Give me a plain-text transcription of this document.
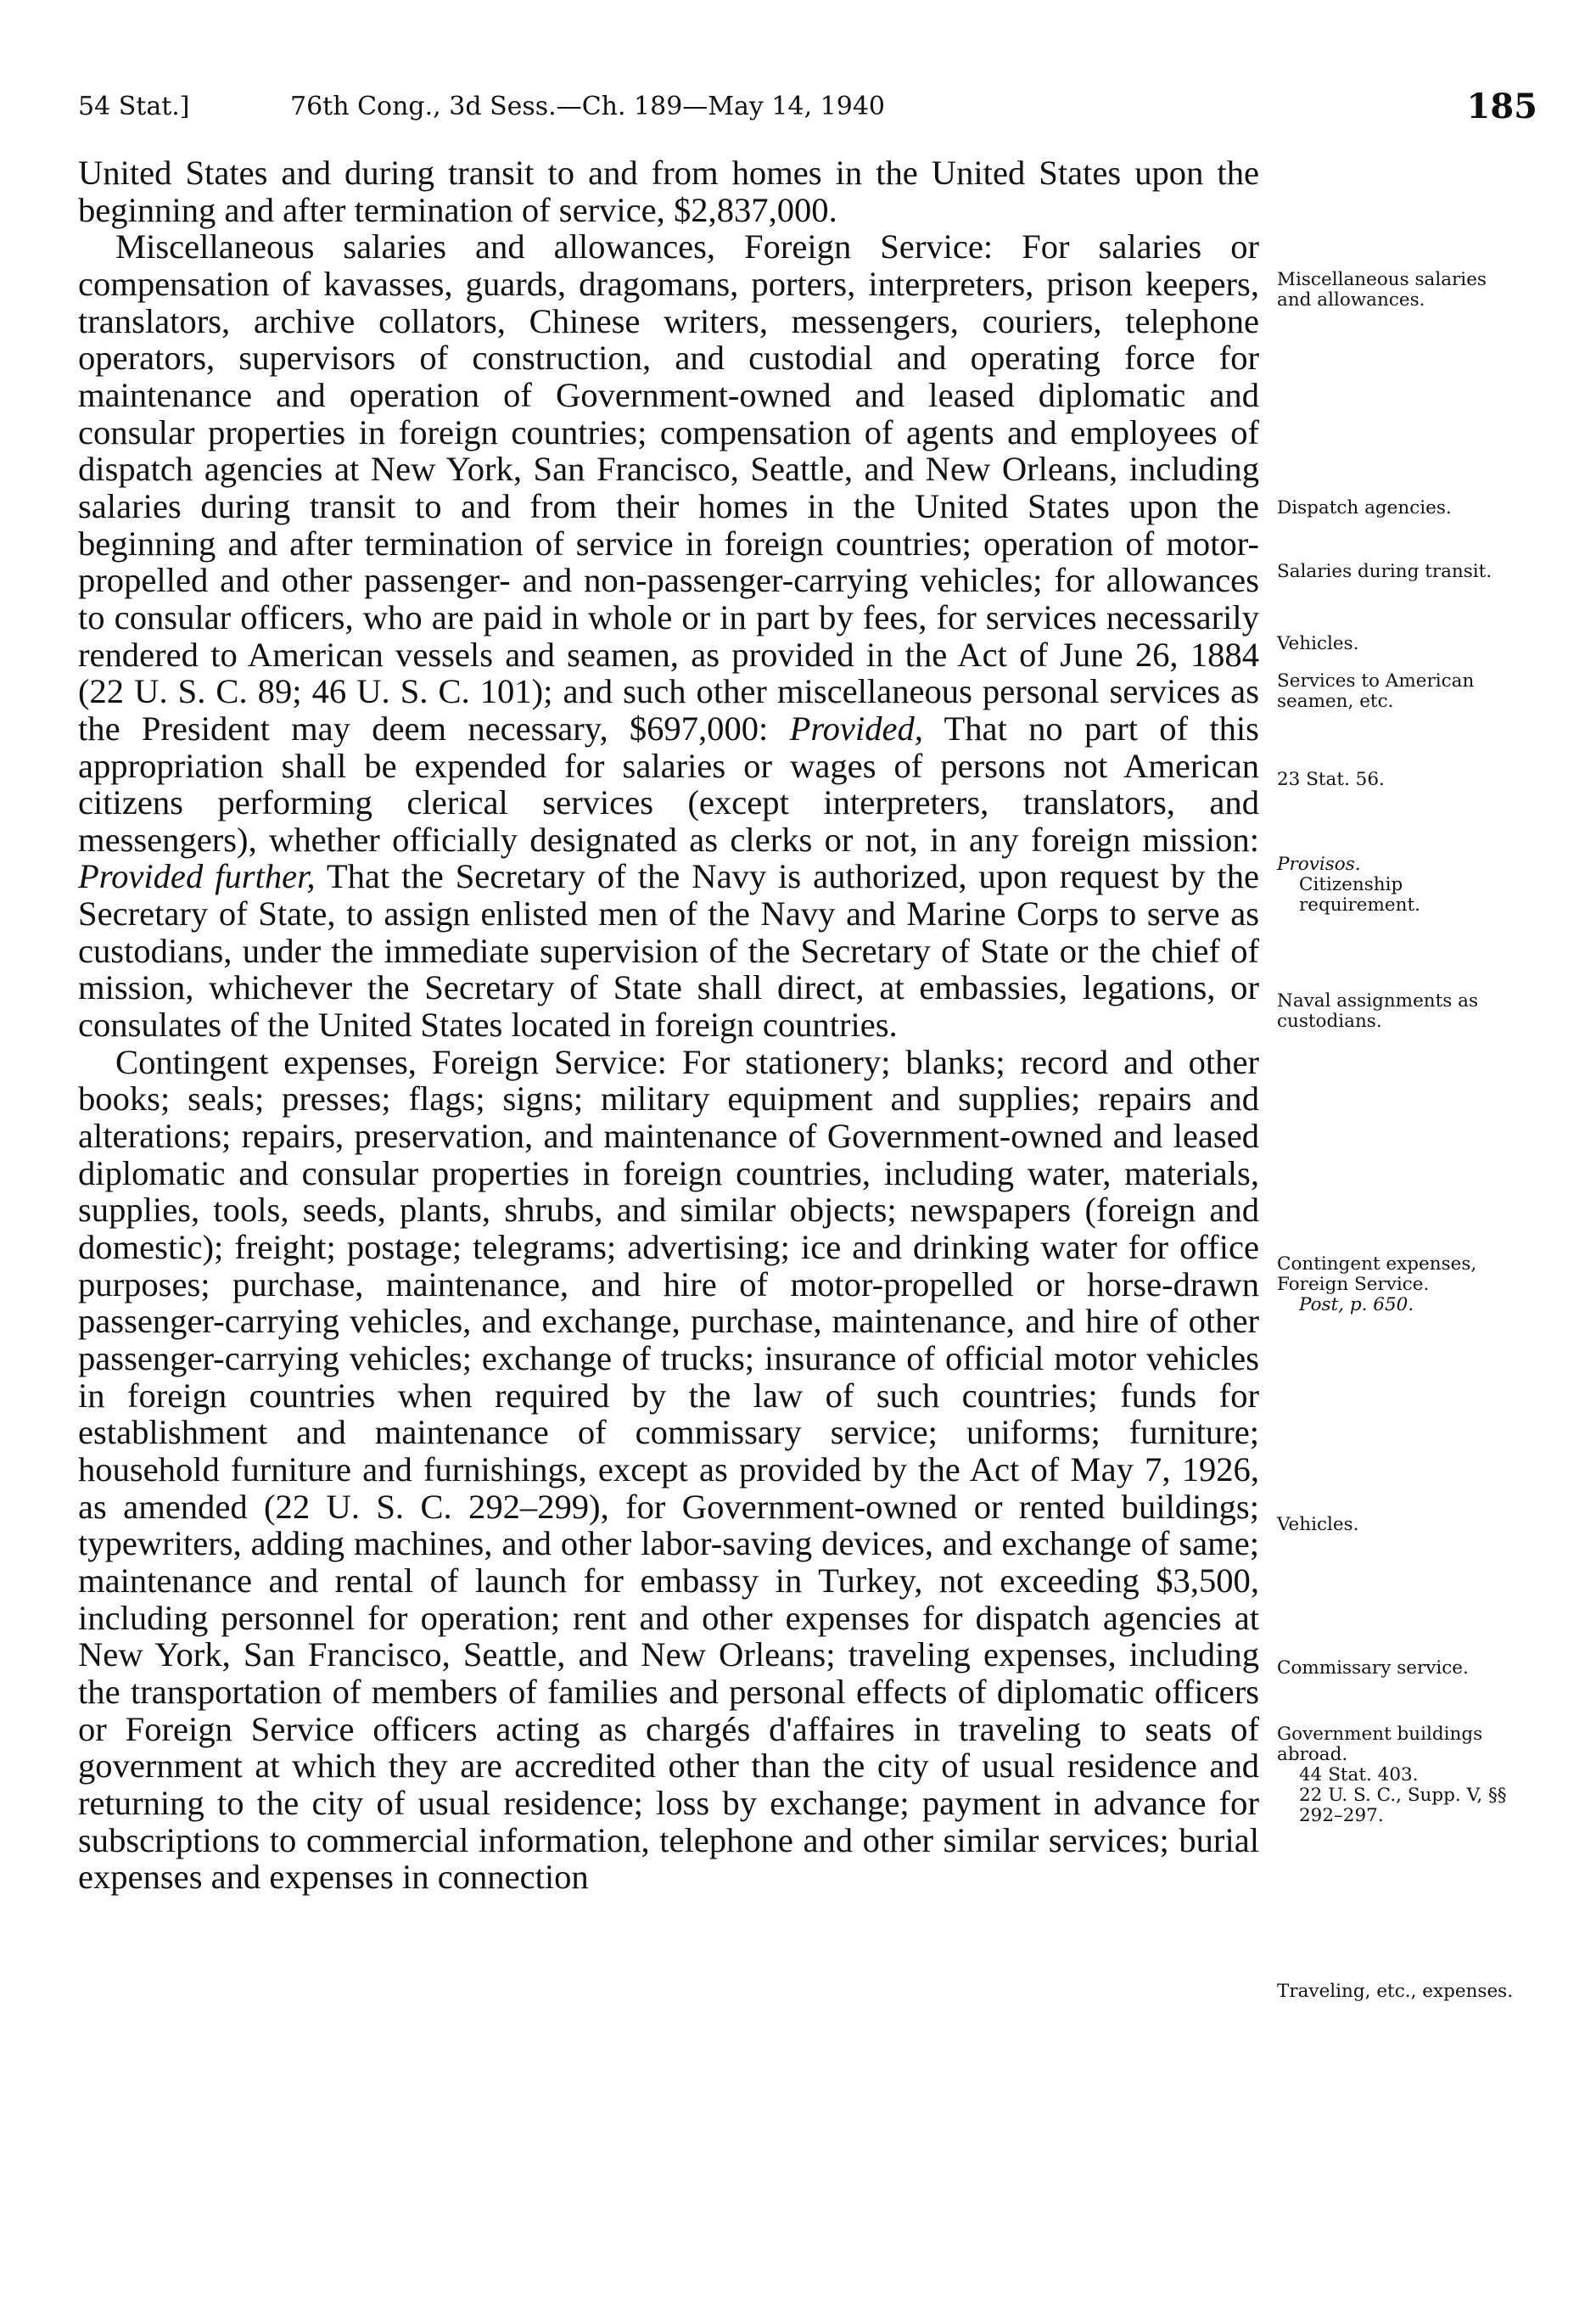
54 Stat.]	76th Cong., 3d Sess.—Ch. 189—May 14, 1940	185

United States and during transit to and from homes in the United States upon the beginning and after termination of service, $2,837,000.

Miscellaneous salaries and allowances, Foreign Service: For salaries or compensation of kavasses, guards, dragomans, porters, interpreters, prison keepers, translators, archive collators, Chinese writers, messengers, couriers, telephone operators, supervisors of construction, and custodial and operating force for maintenance and operation of Government-owned and leased diplomatic and consular properties in foreign countries; compensation of agents and employees of dispatch agencies at New York, San Francisco, Seattle, and New Orleans, including salaries during transit to and from their homes in the United States upon the beginning and after termination of service in foreign countries; operation of motor-propelled and other passenger- and non-passenger-carrying vehicles; for allowances to consular officers, who are paid in whole or in part by fees, for services necessarily rendered to American vessels and seamen, as provided in the Act of June 26, 1884 (22 U. S. C. 89; 46 U. S. C. 101); and such other miscellaneous personal services as the President may deem necessary, $697,000: Provided, That no part of this appropriation shall be expended for salaries or wages of persons not American citizens performing clerical services (except interpreters, translators, and messengers), whether officially designated as clerks or not, in any foreign mission: Provided further, That the Secretary of the Navy is authorized, upon request by the Secretary of State, to assign enlisted men of the Navy and Marine Corps to serve as custodians, under the immediate supervision of the Secretary of State or the chief of mission, whichever the Secretary of State shall direct, at embassies, legations, or consulates of the United States located in foreign countries.

Contingent expenses, Foreign Service: For stationery; blanks; record and other books; seals; presses; flags; signs; military equipment and supplies; repairs and alterations; repairs, preservation, and maintenance of Government-owned and leased diplomatic and consular properties in foreign countries, including water, materials, supplies, tools, seeds, plants, shrubs, and similar objects; newspapers (foreign and domestic); freight; postage; telegrams; advertising; ice and drinking water for office purposes; purchase, maintenance, and hire of motor-propelled or horse-drawn passenger-carrying vehicles, and exchange, purchase, maintenance, and hire of other passenger-carrying vehicles; exchange of trucks; insurance of official motor vehicles in foreign countries when required by the law of such countries; funds for establishment and maintenance of commissary service; uniforms; furniture; household furniture and furnishings, except as provided by the Act of May 7, 1926, as amended (22 U. S. C. 292–299), for Government-owned or rented buildings; typewriters, adding machines, and other labor-saving devices, and exchange of same; maintenance and rental of launch for embassy in Turkey, not exceeding $3,500, including personnel for operation; rent and other expenses for dispatch agencies at New York, San Francisco, Seattle, and New Orleans; traveling expenses, including the transportation of members of families and personal effects of diplomatic officers or Foreign Service officers acting as chargés d'affaires in traveling to seats of government at which they are accredited other than the city of usual residence and returning to the city of usual residence; loss by exchange; payment in advance for subscriptions to commercial information, telephone and other similar services; burial expenses and expenses in connection

Miscellaneous salaries and allowances.
Dispatch agencies.
Salaries during transit.
Vehicles.
Services to American seamen, etc.
23 Stat. 56.
Provisos.
Citizenship requirement.
Naval assignments as custodians.
Contingent expenses, Foreign Service.
Post, p. 650.
Vehicles.
Commissary service.
Government buildings abroad.
44 Stat. 403.
22 U. S. C., Supp. V, §§ 292–297.
Traveling, etc., expenses.
